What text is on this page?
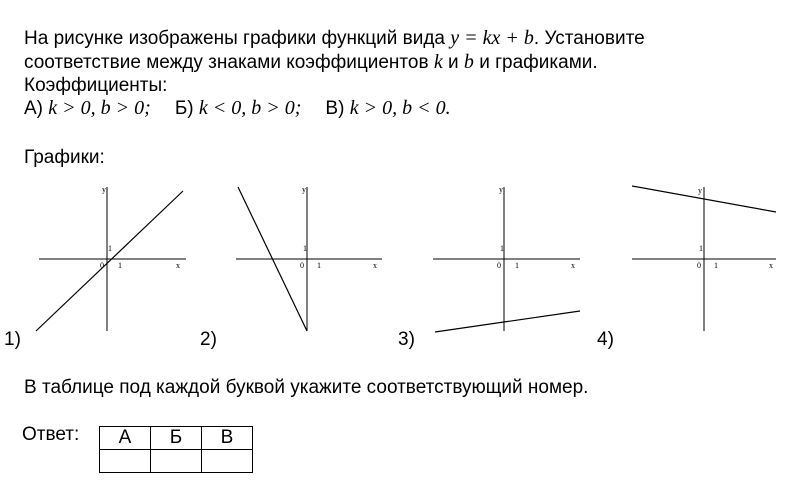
На рисунке изображены графики функций вида y = kx + b. Установите
соответствие между знаками коэффициентов k и b и графиками.
Коэффициенты:
А) k > 0, b > 0; Б) k < 0, b > 0; В) k > 0, b < 0.
Графики:
y
x
0 1
1
y
x
0 1
1
y
x
0 1
1
y
x
0 1
1
1)	2)	3)	4)
В таблице под каждой буквой укажите соответствующий номер.
Ответ: А	Б	В
